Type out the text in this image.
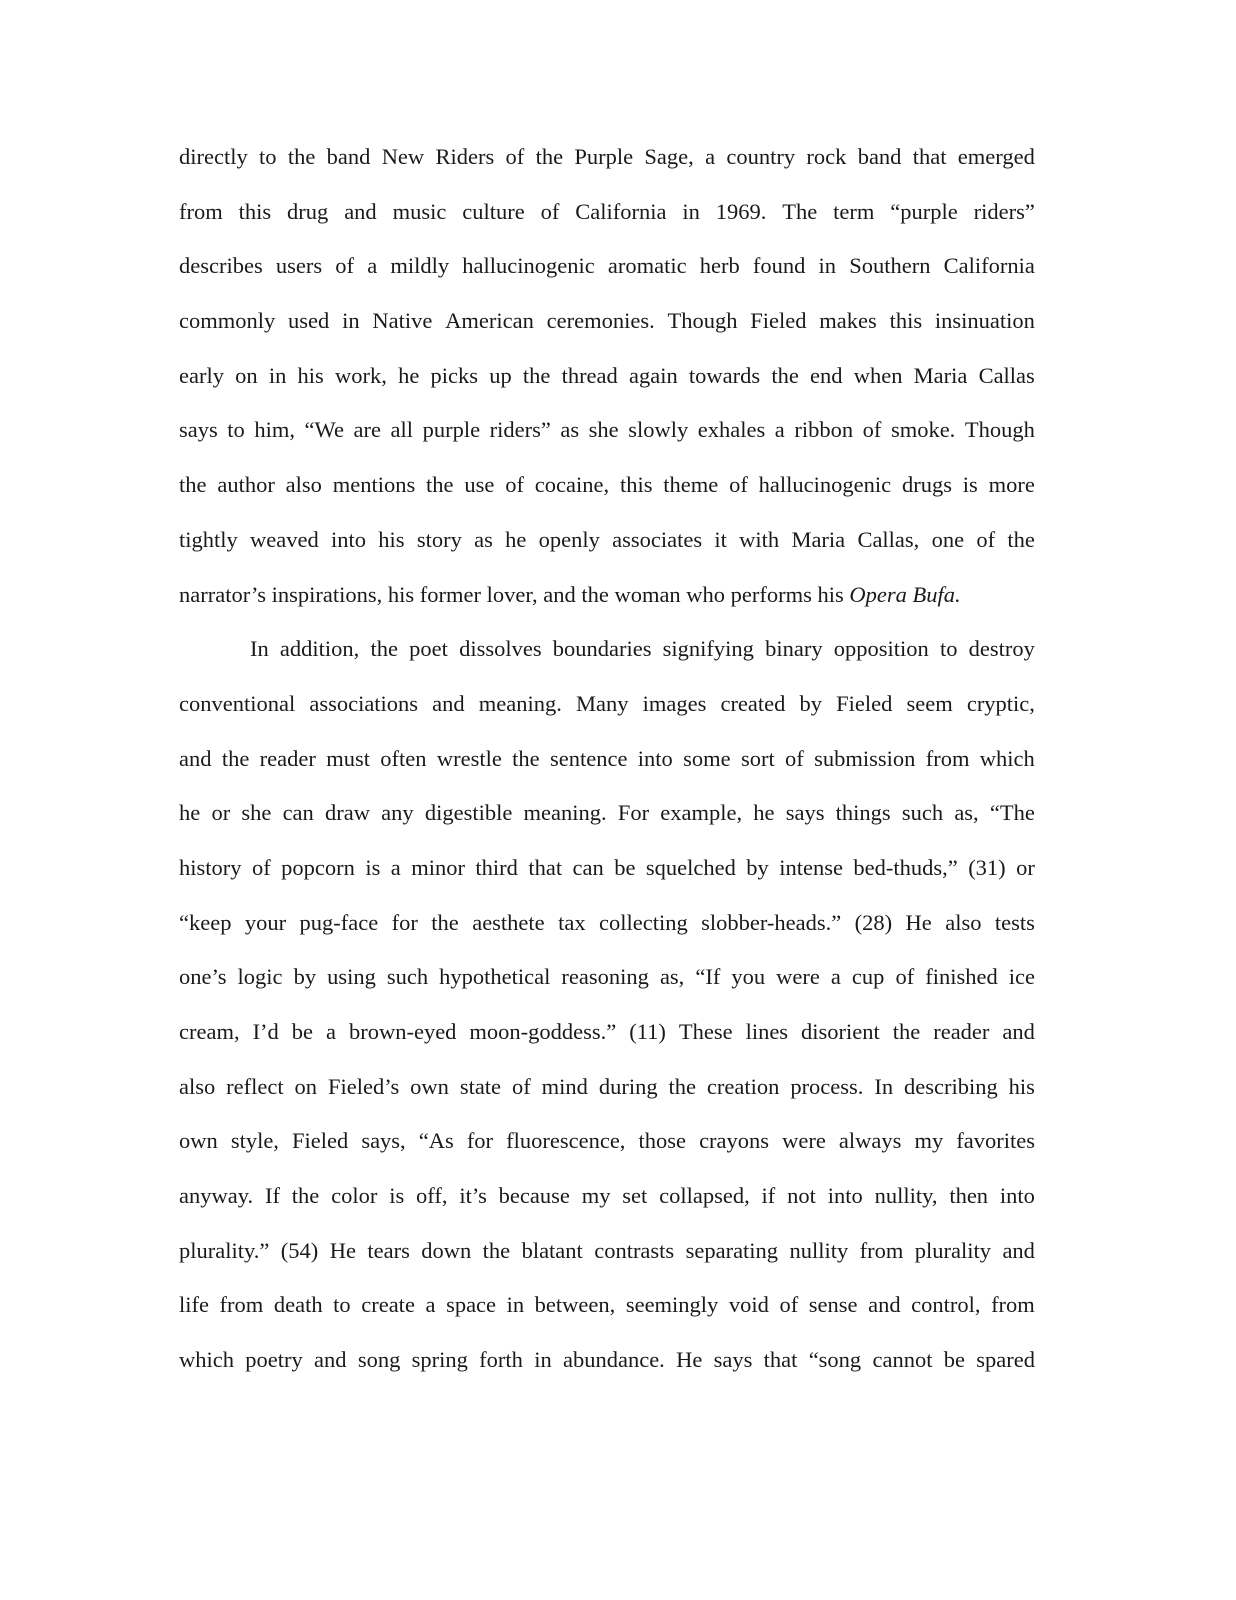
directly to the band New Riders of the Purple Sage, a country rock band that emerged
from this drug and music culture of California in 1969. The term “purple riders”
describes users of a mildly hallucinogenic aromatic herb found in Southern California
commonly used in Native American ceremonies. Though Fieled makes this insinuation
early on in his work, he picks up the thread again towards the end when Maria Callas
says to him, “We are all purple riders” as she slowly exhales a ribbon of smoke. Though
the author also mentions the use of cocaine, this theme of hallucinogenic drugs is more
tightly weaved into his story as he openly associates it with Maria Callas, one of the
narrator’s inspirations, his former lover, and the woman who performs his
Opera Bufa.
In addition, the poet dissolves boundaries signifying binary opposition to destroy
conventional associations and meaning. Many images created by Fieled seem cryptic,
and the reader must often wrestle the sentence into some sort of submission from which
he or she can draw any digestible meaning. For example, he says things such as, “The
history of popcorn is a minor third that can be squelched by intense bed-thuds,” (31) or
“keep your pug-face for the aesthete tax collecting slobber-heads.” (28) He also tests
one’s logic by using such hypothetical reasoning as, “If you were a cup of finished ice
cream, I’d be a brown-eyed moon-goddess.” (11) These lines disorient the reader and
also reflect on Fieled’s own state of mind during the creation process. In describing his
own style, Fieled says, “As for fluorescence, those crayons were always my favorites
anyway. If the color is off, it’s because my set collapsed, if not into nullity, then into
plurality.” (54) He tears down the blatant contrasts separating nullity from plurality and
life from death to create a space in between, seemingly void of sense and control, from
which poetry and song spring forth in abundance. He says that “song cannot be spared
